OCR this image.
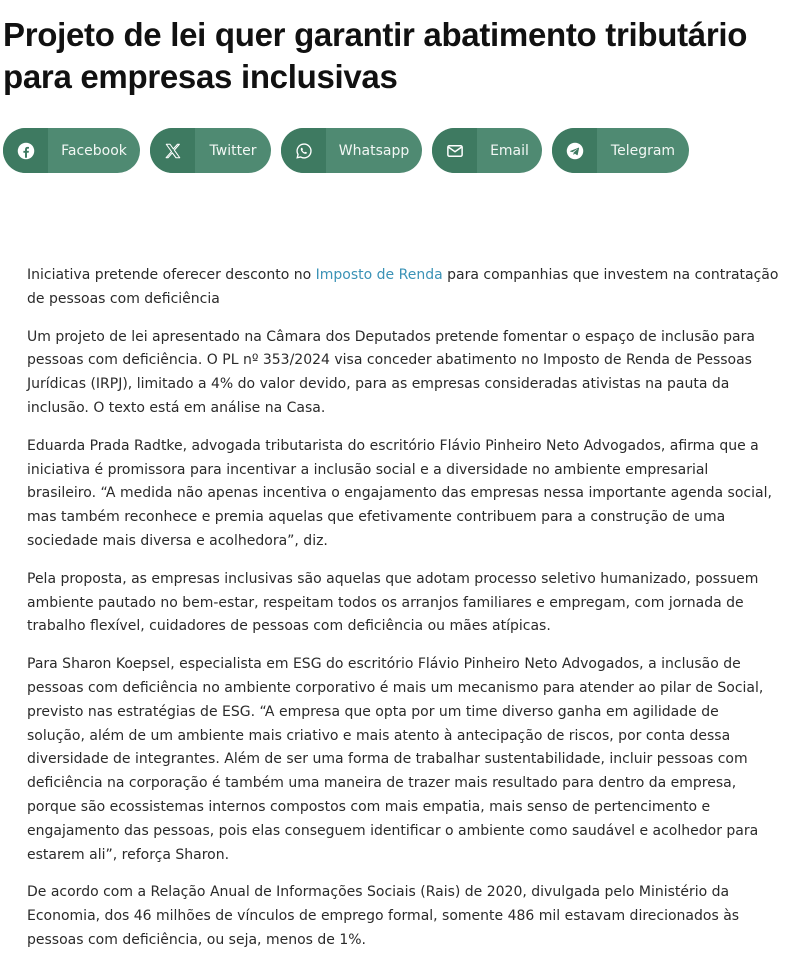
Projeto de lei quer garantir abatimento tributário para empresas inclusivas
Facebook	Twitter	Whatsapp	Email	Telegram

Iniciativa pretende oferecer desconto no Imposto de Renda para companhias que investem na contratação de pessoas com deficiência

Um projeto de lei apresentado na Câmara dos Deputados pretende fomentar o espaço de inclusão para pessoas com deficiência. O PL nº 353/2024 visa conceder abatimento no Imposto de Renda de Pessoas Jurídicas (IRPJ), limitado a 4% do valor devido, para as empresas consideradas ativistas na pauta da inclusão. O texto está em análise na Casa.

Eduarda Prada Radtke, advogada tributarista do escritório Flávio Pinheiro Neto Advogados, afirma que a iniciativa é promissora para incentivar a inclusão social e a diversidade no ambiente empresarial brasileiro. “A medida não apenas incentiva o engajamento das empresas nessa importante agenda social, mas também reconhece e premia aquelas que efetivamente contribuem para a construção de uma sociedade mais diversa e acolhedora”, diz.

Pela proposta, as empresas inclusivas são aquelas que adotam processo seletivo humanizado, possuem ambiente pautado no bem-estar, respeitam todos os arranjos familiares e empregam, com jornada de trabalho flexível, cuidadores de pessoas com deficiência ou mães atípicas.

Para Sharon Koepsel, especialista em ESG do escritório Flávio Pinheiro Neto Advogados, a inclusão de pessoas com deficiência no ambiente corporativo é mais um mecanismo para atender ao pilar de Social, previsto nas estratégias de ESG. “A empresa que opta por um time diverso ganha em agilidade de solução, além de um ambiente mais criativo e mais atento à antecipação de riscos, por conta dessa diversidade de integrantes. Além de ser uma forma de trabalhar sustentabilidade, incluir pessoas com deficiência na corporação é também uma maneira de trazer mais resultado para dentro da empresa, porque são ecossistemas internos compostos com mais empatia, mais senso de pertencimento e engajamento das pessoas, pois elas conseguem identificar o ambiente como saudável e acolhedor para estarem ali”, reforça Sharon.

De acordo com a Relação Anual de Informações Sociais (Rais) de 2020, divulgada pelo Ministério da Economia, dos 46 milhões de vínculos de emprego formal, somente 486 mil estavam direcionados às pessoas com deficiência, ou seja, menos de 1%.
